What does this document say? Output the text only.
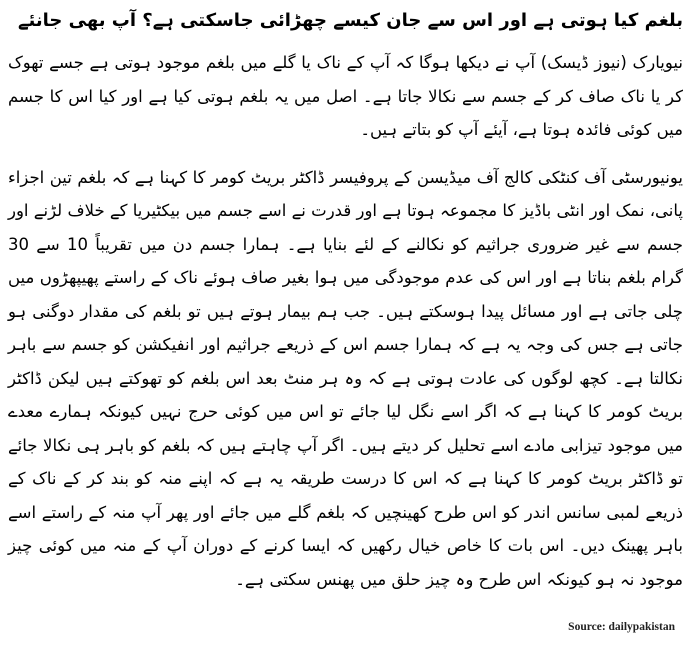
بلغم کیا ہوتی ہے اور اس سے جان کیسے چھڑائی جاسکتی ہے؟ آپ بھی جانئے

نیویارک (نیوز ڈیسک) آپ نے دیکھا ہوگا کہ آپ کے ناک یا گلے میں بلغم موجود ہوتی ہے جسے تھوک کر یا ناک صاف کر کے جسم سے نکالا جاتا ہے۔ اصل میں یہ بلغم ہوتی کیا ہے اور کیا اس کا جسم میں کوئی فائدہ ہوتا ہے، آیئے آپ کو بتاتے ہیں۔

یونیورسٹی آف کنٹکی کالج آف میڈیسن کے پروفیسر ڈاکٹر بریٹ کومر کا کہنا ہے کہ بلغم تین اجزاء پانی، نمک اور انٹی باڈیز کا مجموعہ ہوتا ہے اور قدرت نے اسے جسم میں بیکٹیریا کے خلاف لڑنے اور جسم سے غیر ضروری جراثیم کو نکالنے کے لئے بنایا ہے۔ ہمارا جسم دن میں تقریباً 10 سے 30 گرام بلغم بناتا ہے اور اس کی عدم موجودگی میں ہوا بغیر صاف ہوئے ناک کے راستے پھیپھڑوں میں چلی جاتی ہے اور مسائل پیدا ہوسکتے ہیں۔ جب ہم بیمار ہوتے ہیں تو بلغم کی مقدار دوگنی ہو جاتی ہے جس کی وجہ یہ ہے کہ ہمارا جسم اس کے ذریعے جراثیم اور انفیکشن کو جسم سے باہر نکالتا ہے۔ کچھ لوگوں کی عادت ہوتی ہے کہ وہ ہر منٹ بعد اس بلغم کو تھوکتے ہیں لیکن ڈاکٹر بریٹ کومر کا کہنا ہے کہ اگر اسے نگل لیا جائے تو اس میں کوئی حرج نہیں کیونکہ ہمارے معدے میں موجود تیزابی مادے اسے تحلیل کر دیتے ہیں۔ اگر آپ چاہتے ہیں کہ بلغم کو باہر ہی نکالا جائے تو ڈاکٹر بریٹ کومر کا کہنا ہے کہ اس کا درست طریقہ یہ ہے کہ اپنے منہ کو بند کر کے ناک کے ذریعے لمبی سانس اندر کو اس طرح کھینچیں کہ بلغم گلے میں جائے اور پھر آپ منہ کے راستے اسے باہر پھینک دیں۔ اس بات کا خاص خیال رکھیں کہ ایسا کرنے کے دوران آپ کے منہ میں کوئی چیز موجود نہ ہو کیونکہ اس طرح وہ چیز حلق میں پھنس سکتی ہے۔

Source: dailypakistan
